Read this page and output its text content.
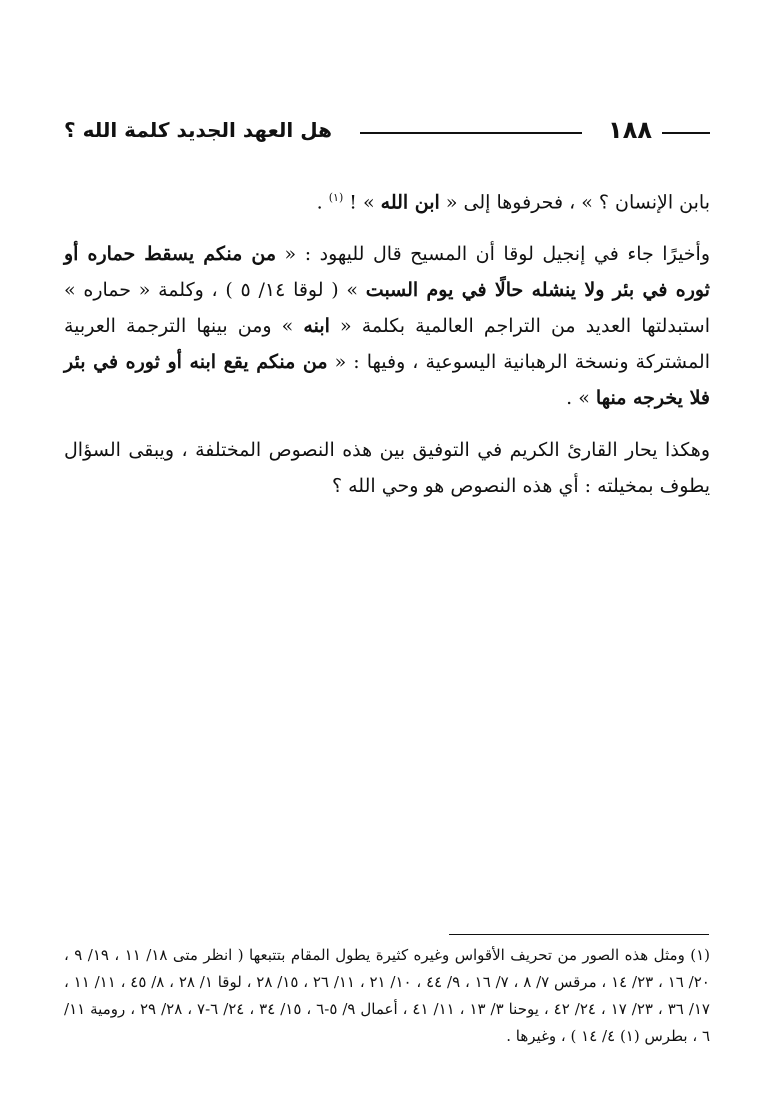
١٨٨
هل العهد الجديد كلمة الله ؟

بابن الإنسان ؟ » ، فحرفوها إلى « ابن الله » ! $^{(١)}$ .

وأخيرًا جاء في إنجيل لوقا أن المسيح قال لليهود : « من منكم يسقط حماره أو ثوره في بئر ولا ينشله حالًا في يوم السبت » ( لوقا ١٤/ ٥ ) ، وكلمة « حماره » استبدلتها العديد من التراجم العالمية بكلمة « ابنه » ومن بينها الترجمة العربية المشتركة ونسخة الرهبانية اليسوعية ، وفيها : « من منكم يقع ابنه أو ثوره في بئر فلا يخرجه منها » .

وهكذا يحار القارئ الكريم في التوفيق بين هذه النصوص المختلفة ، ويبقى السؤال يطوف بمخيلته : أي هذه النصوص هو وحي الله ؟

(١) ومثل هذه الصور من تحريف الأقواس وغيره كثيرة يطول المقام بتتبعها ( انظر متى ١٨/ ١١ ، ١٩/ ٩ ، ٢٠/ ١٦ ، ٢٣/ ١٤ ، مرقس ٧/ ٨ ، ٧/ ١٦ ، ٩/ ٤٤ ، ١٠/ ٢١ ، ١١/ ٢٦ ، ١٥/ ٢٨ ، لوقا ١/ ٢٨ ، ٨/ ٤٥ ، ١١/ ١١ ، ١٧/ ٣٦ ، ٢٣/ ١٧ ، ٢٤/ ٤٢ ، يوحنا ٣/ ١٣ ، ١١/ ٤١ ، أعمال ٩/ ٥-٦ ، ١٥/ ٣٤ ، ٢٤/ ٦-٧ ، ٢٨/ ٢٩ ، رومية ١١/ ٦ ، بطرس (١) ٤/ ١٤ ) ، وغيرها .
